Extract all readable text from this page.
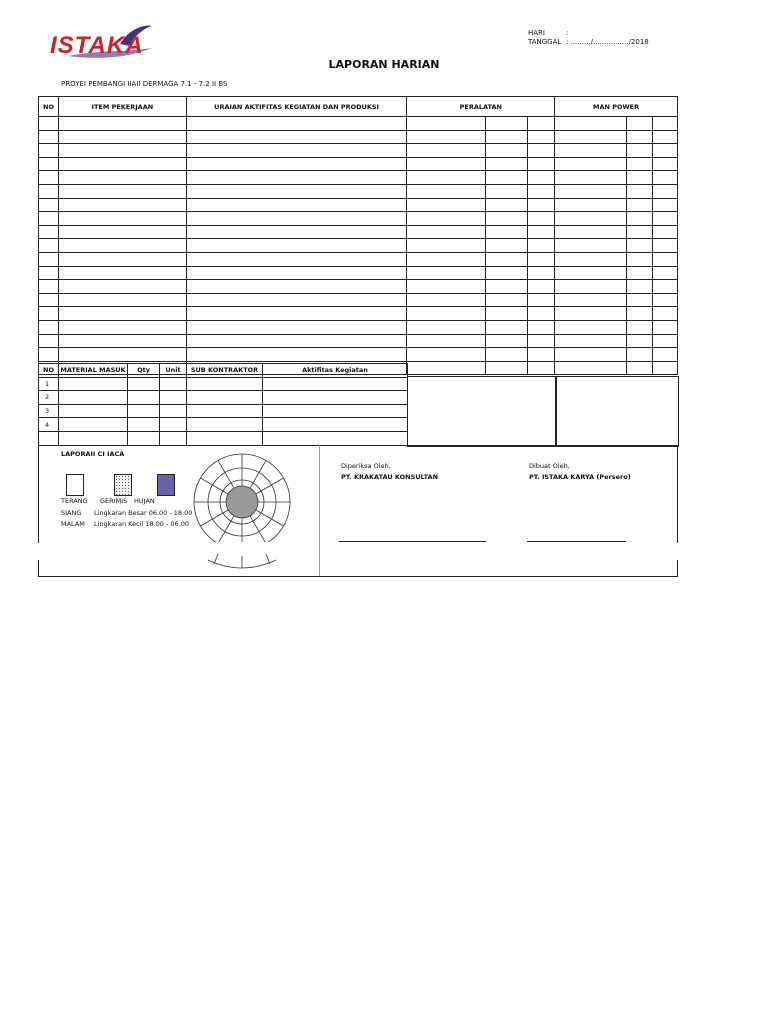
ISTAKA	HARI	:
TANGGAL : ........./................/2018
LAPORAN HARIAN
PROYEI PEMBANGI IIAII DERMAGA 7.1 - 7.2 II BS
NO	ITEM PEKERJAAN	URAIAN AKTIFITAS KEGIATAN DAN PRODUKSI	PERALATAN			MAN POWER		

NO	MATERIAL MASUK	Qty	Unit	SUB KONTRAKTOR	Aktifitas Kegiatan
1					
2					
3					
4					

LAPORAII CI IACA
TERANG GERIMIS HUJAN
SIANG Lingkaran Besar 06.00 - 18.00
MALAM Lingkaran Kecil 18.00 - 06.00
Diperiksa Oleh,
PT. KRAKATAU KONSULTAN
Dibuat Oleh,
PT. ISTAKA KARYA (Persero)
